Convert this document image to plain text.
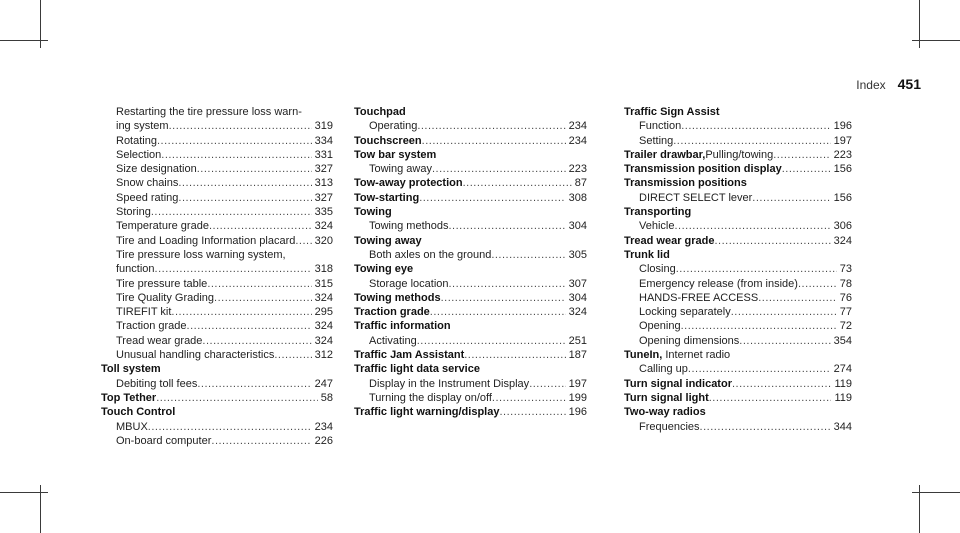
Index 451
Restarting the tire pressure loss warn-
ing system .....	319
Rotating .....	334
Selection .....	331
Size designation .....	327
Snow chains .....	313
Speed rating .....	327
Storing .....	335
Temperature grade .....	324
Tire and Loading Information placard ..... 320
Tire pressure loss warning system,
function .....	318
Tire pressure table .....	315
Tire Quality Grading .....	324
TIREFIT kit .....	295
Traction grade .....	324
Tread wear grade .....	324
Unusual handling characteristics .....	312
Toll system
Debiting toll fees .....	247
Top Tether .....	58
Touch Control
MBUX .....	234
On-board computer .....	226
Touchpad
Operating .....	234
Touchscreen .....	234
Tow bar system
Towing away .....	223
Tow-away protection .....	87
Tow-starting .....	308
Towing
Towing methods .....	304
Towing away
Both axles on the ground .....	305
Towing eye
Storage location .....	307
Towing methods .....	304
Traction grade .....	324
Traffic information
Activating .....	251
Traffic Jam Assistant .....	187
Traffic light data service
Display in the Instrument Display .....	197
Turning the display on/off .....	199
Traffic light warning/display .....	196
Traffic Sign Assist
Function .....	196
Setting .....	197
Trailer drawbar, Pulling/towing .....	223
Transmission position display .....	156
Transmission positions
DIRECT SELECT lever .....	156
Transporting
Vehicle .....	306
Tread wear grade .....	324
Trunk lid
Closing .....	73
Emergency release (from inside) .....	78
HANDS-FREE ACCESS .....	76
Locking separately .....	77
Opening .....	72
Opening dimensions .....	354
TuneIn, Internet radio
Calling up .....	274
Turn signal indicator .....	119
Turn signal light .....	119
Two-way radios
Frequencies .....	344
